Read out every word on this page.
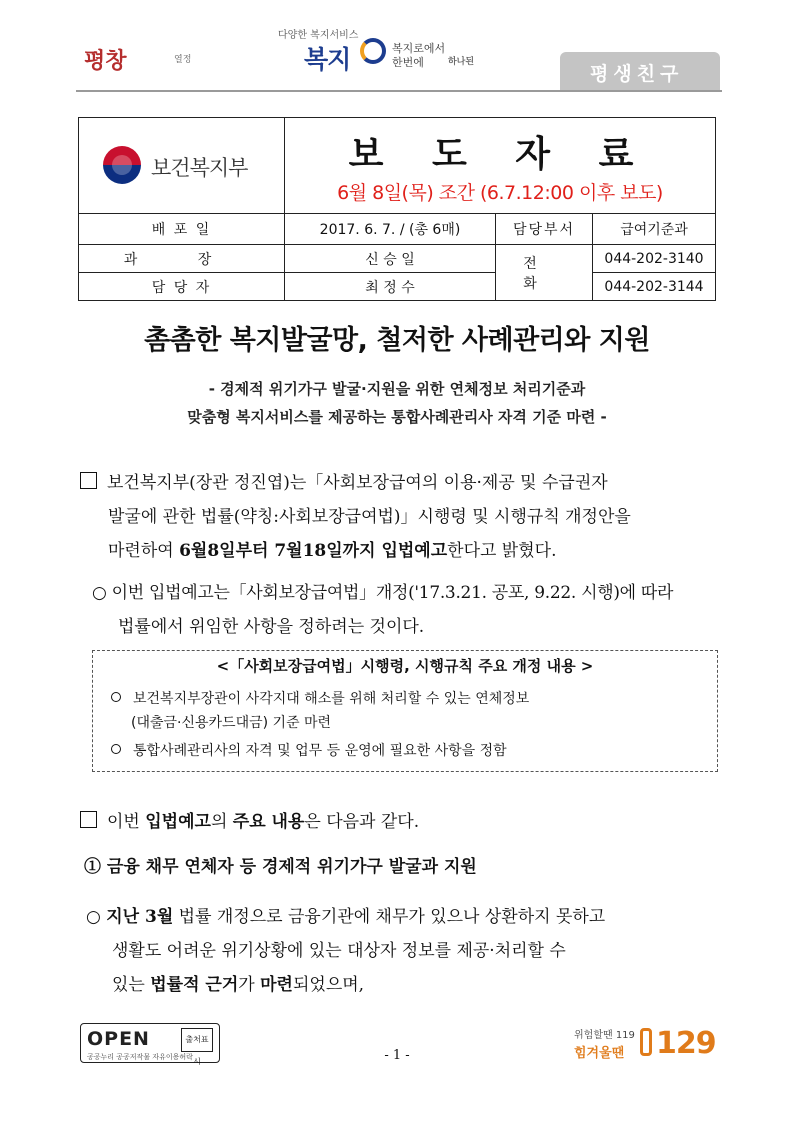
하나된
평창	열정
다양한 복지서비스
복지	복지로에서
한번에
평생친구
보건복지부	보 도 자 료
6월 8일(목) 조간 (6.7.12:00 이후 보도)		

배 포 일	2017. 6. 7. / (총 6매)	담당부서	급여기준과
과 장	신 승 일	전 화	044-202-3140
담 당 자	최 정 수		044-202-3144
촘촘한 복지발굴망, 철저한 사례관리와 지원
- 경제적 위기가구 발굴·지원을 위한 연체정보 처리기준과
맞춤형 복지서비스를 제공하는 통합사례관리사 자격 기준 마련 -
보건복지부(장관 정진엽)는「사회보장급여의 이용·제공 및 수급권자
발굴에 관한 법률(약칭:사회보장급여법)」시행령 및 시행규칙 개정안을
마련하여 6월8일부터 7월18일까지 입법예고한다고 밝혔다.
○ 이번 입법예고는「사회보장급여법」개정('17.3.21. 공포, 9.22. 시행)에 따라
법률에서 위임한 사항을 정하려는 것이다.
<「사회보장급여법」시행령, 시행규칙 주요 개정 내용 >
보건복지부장관이 사각지대 해소를 위해 처리할 수 있는 연체정보
(대출금·신용카드대금) 기준 마련
통합사례관리사의 자격 및 업무 등 운영에 필요한 사항을 정함
이번 입법예고의 주요 내용은 다음과 같다.
① 금융 채무 연체자 등 경제적 위기가구 발굴과 지원
○ 지난 3월 법률 개정으로 금융기관에 채무가 있으나 상환하지 못하고
생활도 어려운 위기상황에 있는 대상자 정보를 제공·처리할 수
있는 법률적 근거가 마련되었으며,
OPEN	출처표시
공공누리 공공저작물 자유이용허락	- 1 -
위험할땐 119
힘겨울땐 129
